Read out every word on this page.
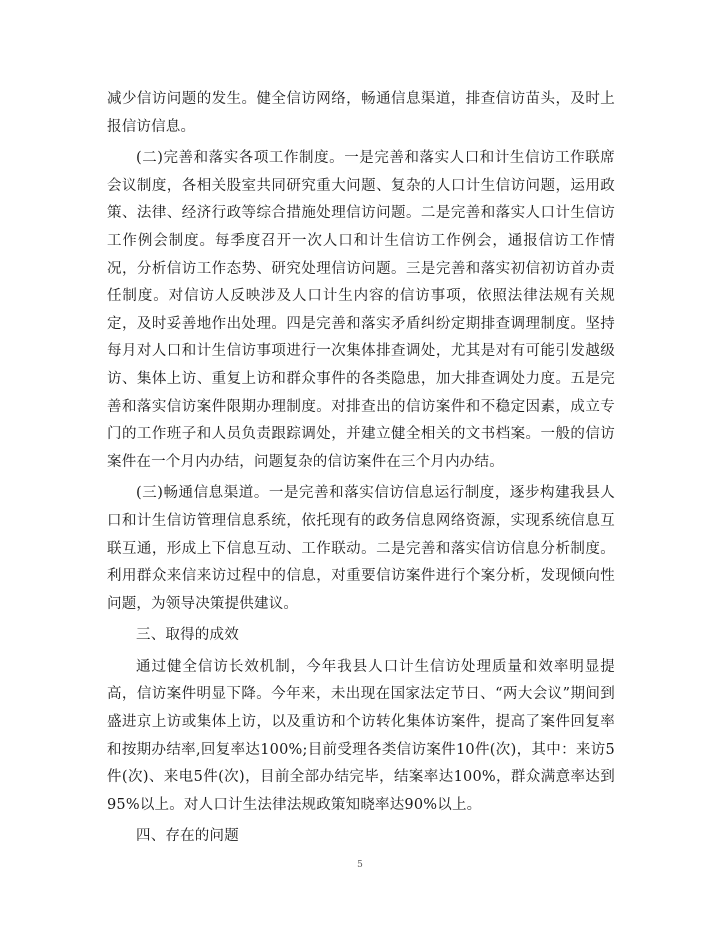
减少信访问题的发生。健全信访网络，畅通信息渠道，排查信访苗头，及时上报信访信息。

(二)完善和落实各项工作制度。一是完善和落实人口和计生信访工作联席会议制度，各相关股室共同研究重大问题、复杂的人口计生信访问题，运用政策、法律、经济行政等综合措施处理信访问题。二是完善和落实人口计生信访工作例会制度。每季度召开一次人口和计生信访工作例会，通报信访工作情况，分析信访工作态势、研究处理信访问题。三是完善和落实初信初访首办责任制度。对信访人反映涉及人口计生内容的信访事项，依照法律法规有关规定，及时妥善地作出处理。四是完善和落实矛盾纠纷定期排查调理制度。坚持每月对人口和计生信访事项进行一次集体排查调处，尤其是对有可能引发越级访、集体上访、重复上访和群众事件的各类隐患，加大排查调处力度。五是完善和落实信访案件限期办理制度。对排查出的信访案件和不稳定因素，成立专门的工作班子和人员负责跟踪调处，并建立健全相关的文书档案。一般的信访案件在一个月内办结，问题复杂的信访案件在三个月内办结。

(三)畅通信息渠道。一是完善和落实信访信息运行制度，逐步构建我县人口和计生信访管理信息系统，依托现有的政务信息网络资源，实现系统信息互联互通，形成上下信息互动、工作联动。二是完善和落实信访信息分析制度。利用群众来信来访过程中的信息，对重要信访案件进行个案分析，发现倾向性问题，为领导决策提供建议。

三、取得的成效

通过健全信访长效机制，今年我县人口计生信访处理质量和效率明显提高，信访案件明显下降。今年来，未出现在国家法定节日、“两大会议”期间到盛进京上访或集体上访，以及重访和个访转化集体访案件，提高了案件回复率和按期办结率,回复率达100%;目前受理各类信访案件10件(次)，其中：来访5件(次)、来电5件(次)，目前全部办结完毕，结案率达100%，群众满意率达到95%以上。对人口计生法律法规政策知晓率达90%以上。

四、存在的问题

5
